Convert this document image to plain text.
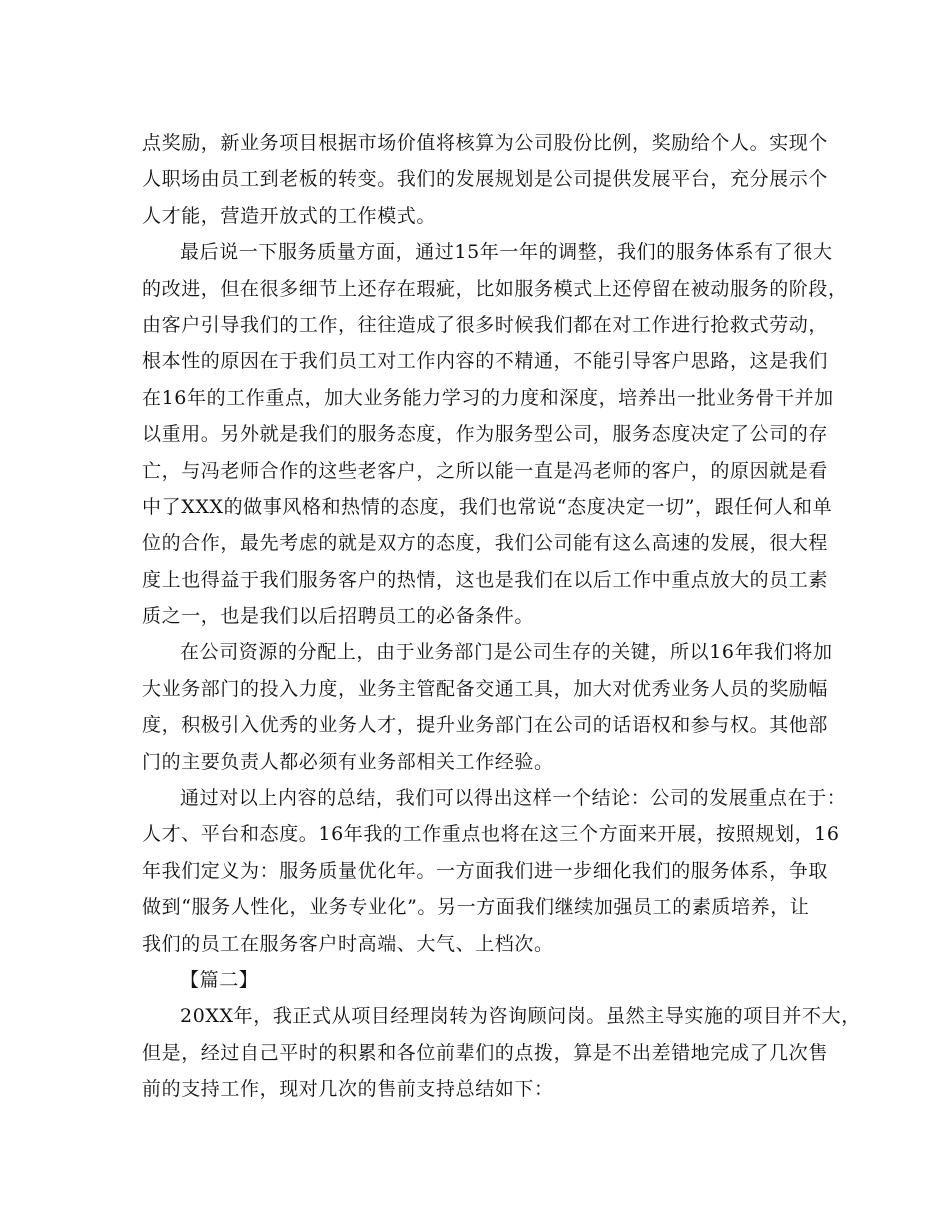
点奖励，新业务项目根据市场价值将核算为公司股份比例，奖励给个人。实现个
人职场由员工到老板的转变。我们的发展规划是公司提供发展平台，充分展示个
人才能，营造开放式的工作模式。
最后说一下服务质量方面，通过15年一年的调整，我们的服务体系有了很大
的改进，但在很多细节上还存在瑕疵，比如服务模式上还停留在被动服务的阶段，
由客户引导我们的工作，往往造成了很多时候我们都在对工作进行抢救式劳动，
根本性的原因在于我们员工对工作内容的不精通，不能引导客户思路，这是我们
在16年的工作重点，加大业务能力学习的力度和深度，培养出一批业务骨干并加
以重用。另外就是我们的服务态度，作为服务型公司，服务态度决定了公司的存
亡，与冯老师合作的这些老客户，之所以能一直是冯老师的客户，的原因就是看
中了XXX的做事风格和热情的态度，我们也常说“态度决定一切”，跟任何人和单
位的合作，最先考虑的就是双方的态度，我们公司能有这么高速的发展，很大程
度上也得益于我们服务客户的热情，这也是我们在以后工作中重点放大的员工素
质之一，也是我们以后招聘员工的必备条件。
在公司资源的分配上，由于业务部门是公司生存的关键，所以16年我们将加
大业务部门的投入力度，业务主管配备交通工具，加大对优秀业务人员的奖励幅
度，积极引入优秀的业务人才，提升业务部门在公司的话语权和参与权。其他部
门的主要负责人都必须有业务部相关工作经验。
通过对以上内容的总结，我们可以得出这样一个结论：公司的发展重点在于：
人才、平台和态度。16年我的工作重点也将在这三个方面来开展，按照规划，16
年我们定义为：服务质量优化年。一方面我们进一步细化我们的服务体系，争取
做到“服务人性化，业务专业化”。另一方面我们继续加强员工的素质培养，让
我们的员工在服务客户时高端、大气、上档次。
【篇二】
20XX年，我正式从项目经理岗转为咨询顾问岗。虽然主导实施的项目并不大，
但是，经过自己平时的积累和各位前辈们的点拨，算是不出差错地完成了几次售
前的支持工作，现对几次的售前支持总结如下：
